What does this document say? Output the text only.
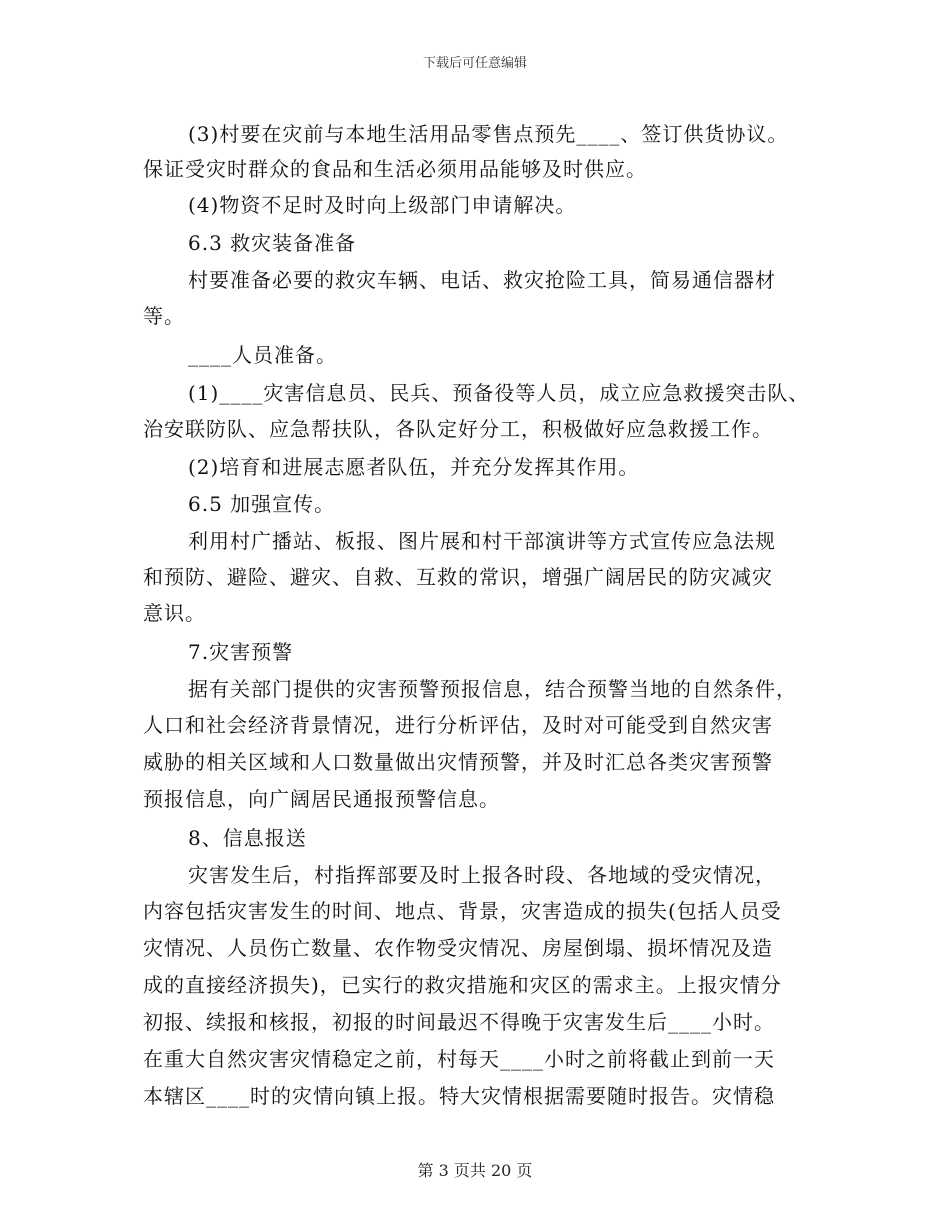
下载后可任意编辑
(3)村要在灾前与本地生活用品零售点预先____、签订供货协议。
保证受灾时群众的食品和生活必须用品能够及时供应。
(4)物资不足时及时向上级部门申请解决。
6.3 救灾装备准备
村要准备必要的救灾车辆、电话、救灾抢险工具，简易通信器材
等。
____人员准备。
(1)____灾害信息员、民兵、预备役等人员，成立应急救援突击队、
治安联防队、应急帮扶队，各队定好分工，积极做好应急救援工作。
(2)培育和进展志愿者队伍，并充分发挥其作用。
6.5 加强宣传。
利用村广播站、板报、图片展和村干部演讲等方式宣传应急法规
和预防、避险、避灾、自救、互救的常识，增强广阔居民的防灾减灾
意识。
7.灾害预警
据有关部门提供的灾害预警预报信息，结合预警当地的自然条件，
人口和社会经济背景情况，进行分析评估，及时对可能受到自然灾害
威胁的相关区域和人口数量做出灾情预警，并及时汇总各类灾害预警
预报信息，向广阔居民通报预警信息。
8、信息报送
灾害发生后，村指挥部要及时上报各时段、各地域的受灾情况，
内容包括灾害发生的时间、地点、背景，灾害造成的损失(包括人员受
灾情况、人员伤亡数量、农作物受灾情况、房屋倒塌、损坏情况及造
成的直接经济损失)，已实行的救灾措施和灾区的需求主。上报灾情分
初报、续报和核报，初报的时间最迟不得晚于灾害发生后____小时。
在重大自然灾害灾情稳定之前，村每天____小时之前将截止到前一天
本辖区____时的灾情向镇上报。特大灾情根据需要随时报告。灾情稳
第 3 页共 20 页
